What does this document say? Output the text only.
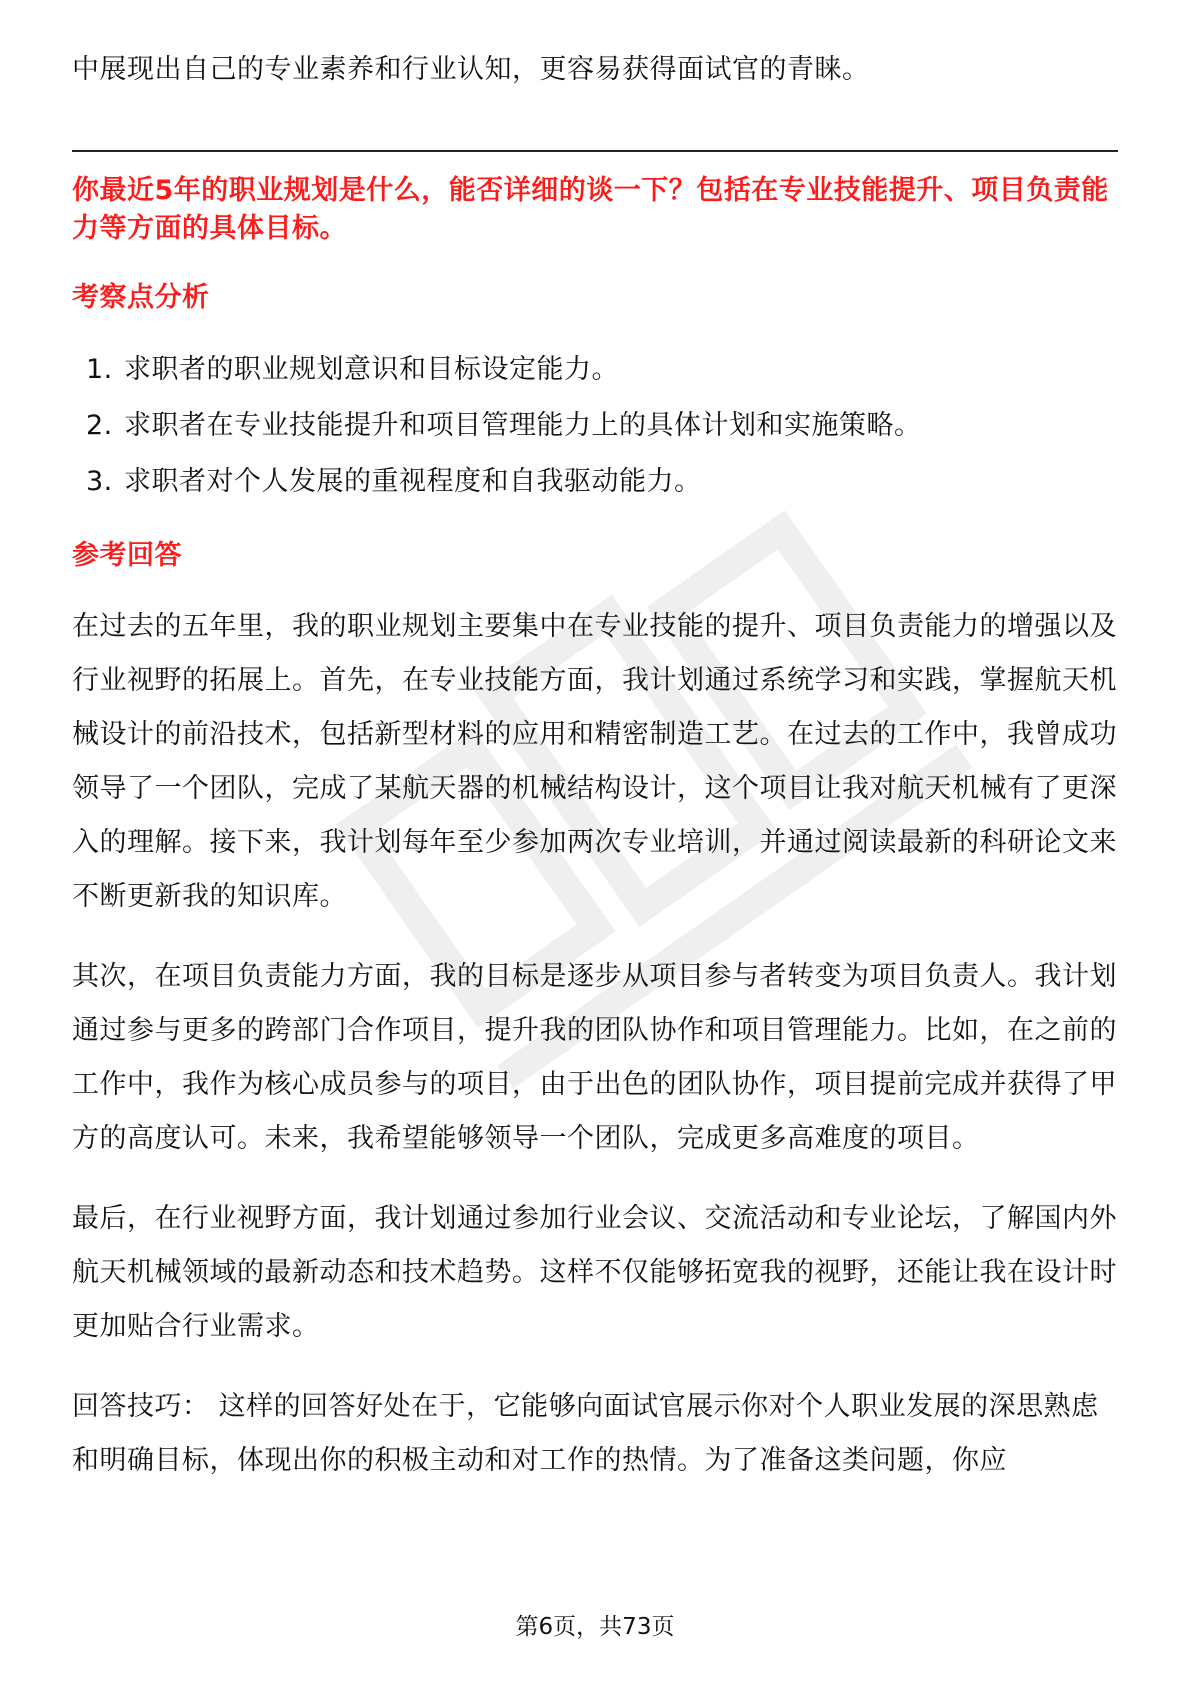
中展现出自己的专业素养和行业认知，更容易获得面试官的青睐。

你最近5年的职业规划是什么，能否详细的谈一下？包括在专业技能提升、项目负责能力等方面的具体目标。

考察点分析
1. 求职者的职业规划意识和目标设定能力。
2. 求职者在专业技能提升和项目管理能力上的具体计划和实施策略。
3. 求职者对个人发展的重视程度和自我驱动能力。
参考回答

在过去的五年里，我的职业规划主要集中在专业技能的提升、项目负责能力的增强以及行业视野的拓展上。首先，在专业技能方面，我计划通过系统学习和实践，掌握航天机械设计的前沿技术，包括新型材料的应用和精密制造工艺。在过去的工作中，我曾成功领导了一个团队，完成了某航天器的机械结构设计，这个项目让我对航天机械有了更深入的理解。接下来，我计划每年至少参加两次专业培训，并通过阅读最新的科研论文来不断更新我的知识库。

其次，在项目负责能力方面，我的目标是逐步从项目参与者转变为项目负责人。我计划通过参与更多的跨部门合作项目，提升我的团队协作和项目管理能力。比如，在之前的工作中，我作为核心成员参与的项目，由于出色的团队协作，项目提前完成并获得了甲方的高度认可。未来，我希望能够领导一个团队，完成更多高难度的项目。

最后，在行业视野方面，我计划通过参加行业会议、交流活动和专业论坛，了解国内外航天机械领域的最新动态和技术趋势。这样不仅能够拓宽我的视野，还能让我在设计时更加贴合行业需求。

回答技巧： 这样的回答好处在于，它能够向面试官展示你对个人职业发展的深思熟虑和明确目标，体现出你的积极主动和对工作的热情。为了准备这类问题，你应

第6页，共73页
